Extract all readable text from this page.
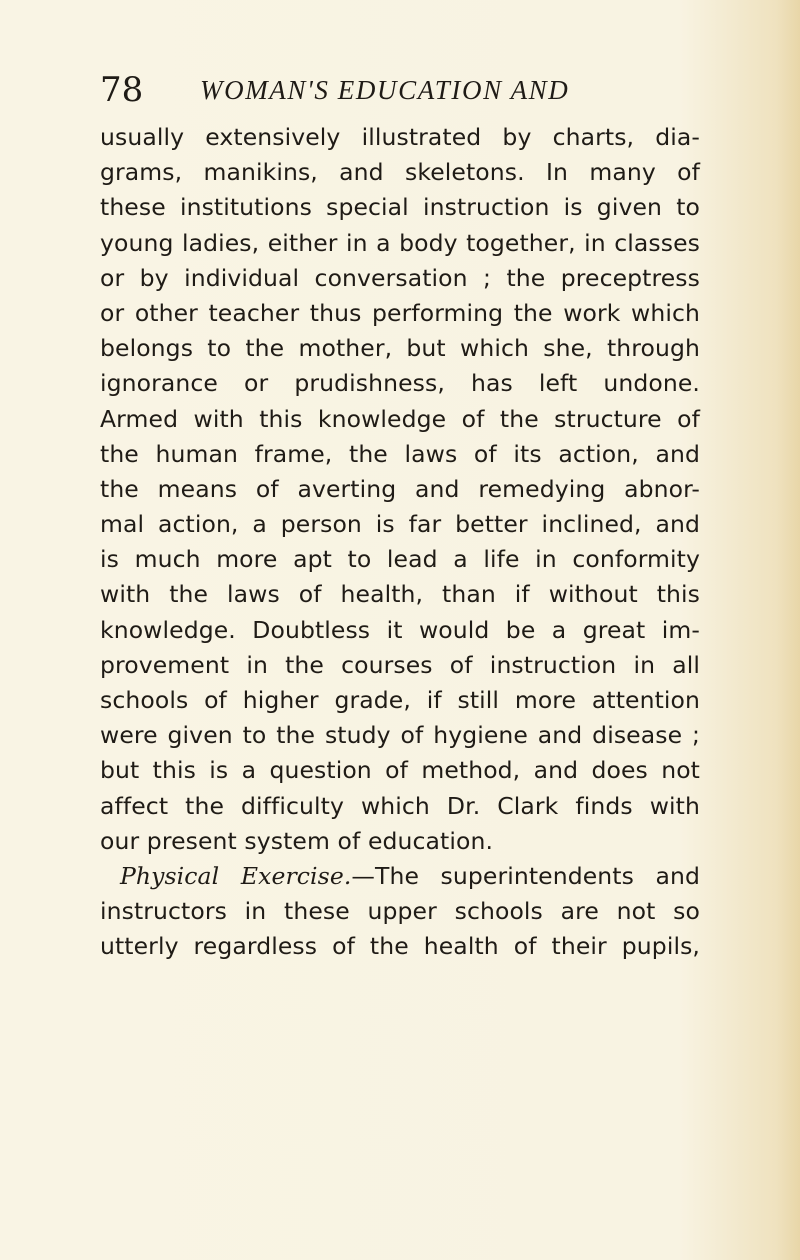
78 WOMAN'S EDUCATION AND
usually extensively illustrated by charts, dia-
grams, manikins, and skeletons. In many of
these institutions special instruction is given to
young ladies, either in a body together, in classes
or by individual conversation ; the preceptress
or other teacher thus performing the work which
belongs to the mother, but which she, through
ignorance or prudishness, has left undone.
Armed with this knowledge of the structure of
the human frame, the laws of its action, and
the means of averting and remedying abnor-
mal action, a person is far better inclined, and
is much more apt to lead a life in conformity
with the laws of health, than if without this
knowledge. Doubtless it would be a great im-
provement in the courses of instruction in all
schools of higher grade, if still more attention
were given to the study of hygiene and disease ;
but this is a question of method, and does not
affect the difficulty which Dr. Clark finds with
our present system of education.
Physical Exercise.—The superintendents and
instructors in these upper schools are not so
utterly regardless of the health of their pupils,
